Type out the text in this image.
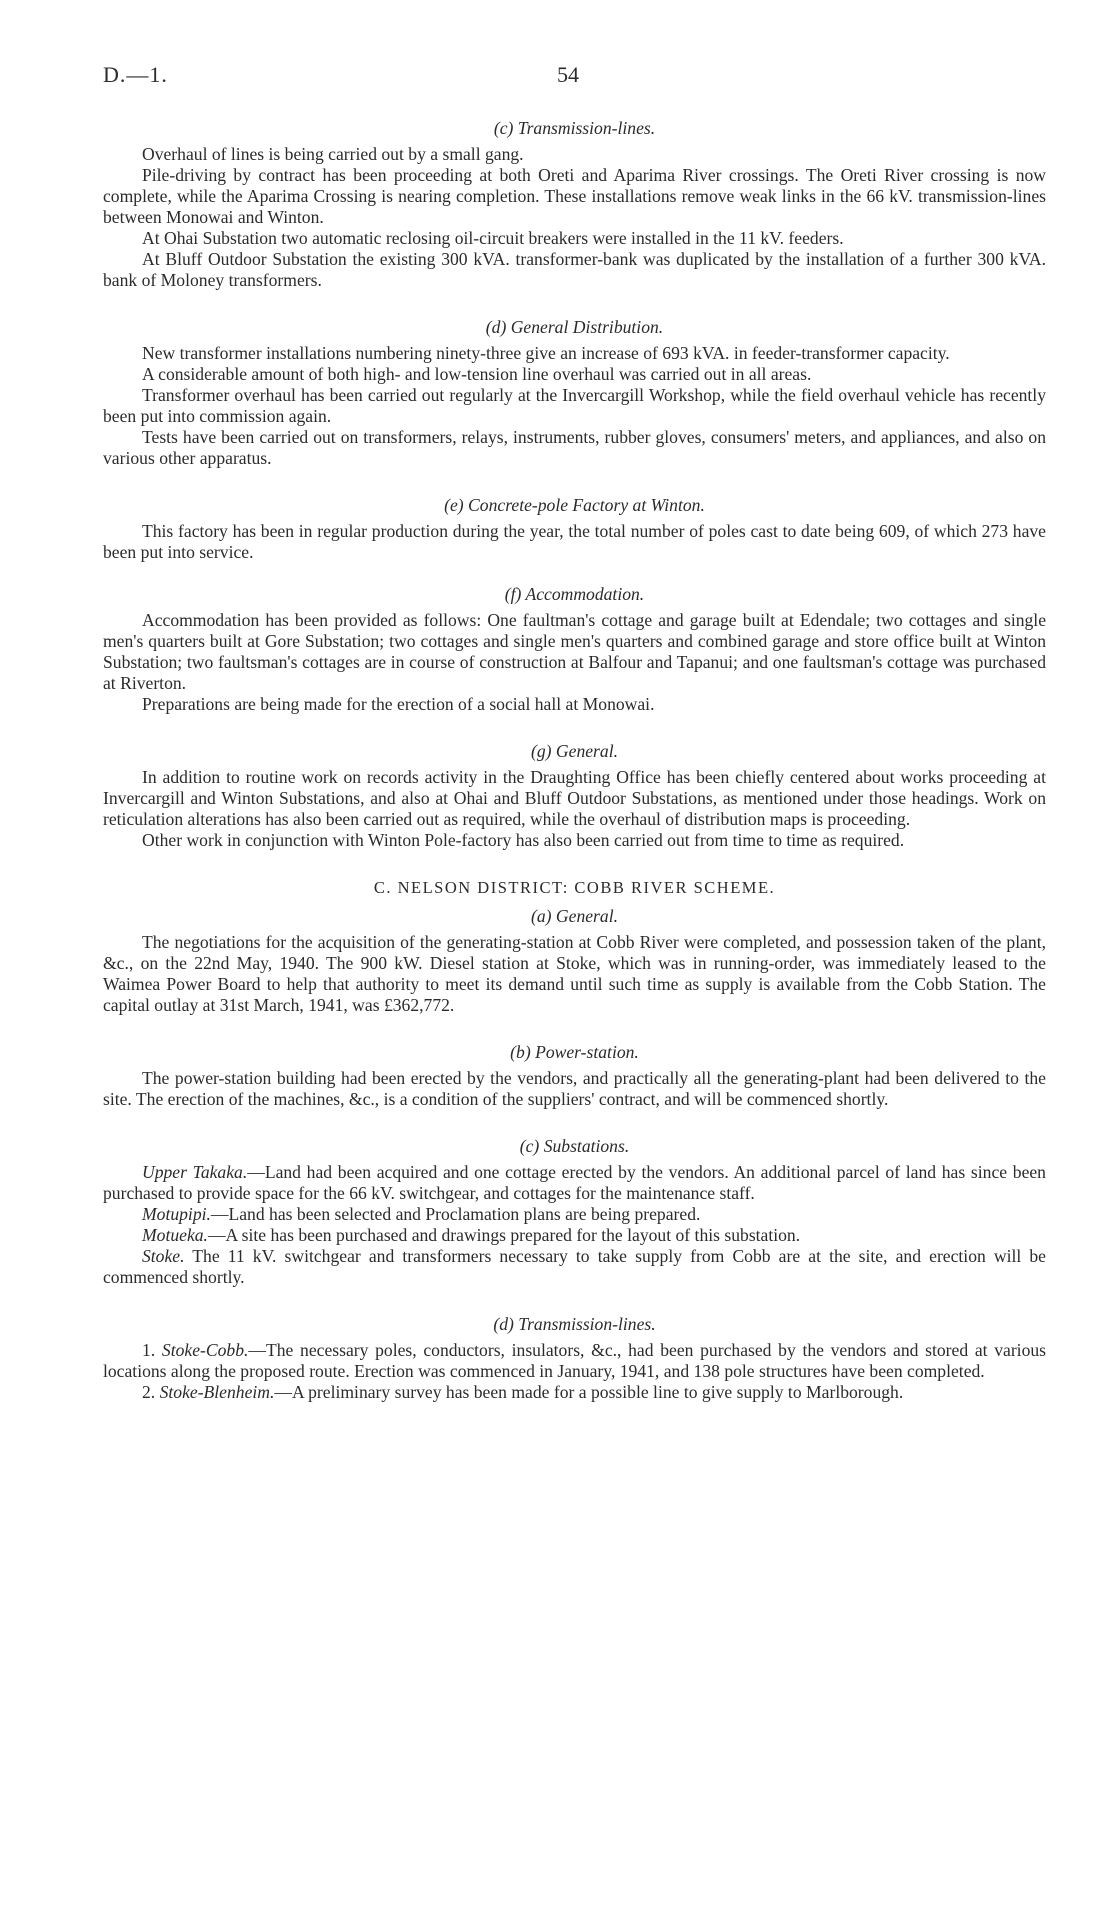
D.—1.	54
(c) Transmission-lines.

Overhaul of lines is being carried out by a small gang.

Pile-driving by contract has been proceeding at both Oreti and Aparima River crossings. The Oreti River crossing is now complete, while the Aparima Crossing is nearing completion. These installations remove weak links in the 66 kV. transmission-lines between Monowai and Winton.

At Ohai Substation two automatic reclosing oil-circuit breakers were installed in the 11 kV. feeders.

At Bluff Outdoor Substation the existing 300 kVA. transformer-bank was duplicated by the installation of a further 300 kVA. bank of Moloney transformers.

(d) General Distribution.

New transformer installations numbering ninety-three give an increase of 693 kVA. in feeder-transformer capacity.

A considerable amount of both high- and low-tension line overhaul was carried out in all areas.

Transformer overhaul has been carried out regularly at the Invercargill Workshop, while the field overhaul vehicle has recently been put into commission again.

Tests have been carried out on transformers, relays, instruments, rubber gloves, consumers' meters, and appliances, and also on various other apparatus.

(e) Concrete-pole Factory at Winton.

This factory has been in regular production during the year, the total number of poles cast to date being 609, of which 273 have been put into service.

(f) Accommodation.

Accommodation has been provided as follows: One faultman's cottage and garage built at Edendale; two cottages and single men's quarters built at Gore Substation; two cottages and single men's quarters and combined garage and store office built at Winton Substation; two faultsman's cottages are in course of construction at Balfour and Tapanui; and one faultsman's cottage was purchased at Riverton.

Preparations are being made for the erection of a social hall at Monowai.

(g) General.

In addition to routine work on records activity in the Draughting Office has been chiefly centered about works proceeding at Invercargill and Winton Substations, and also at Ohai and Bluff Outdoor Substations, as mentioned under those headings. Work on reticulation alterations has also been carried out as required, while the overhaul of distribution maps is proceeding.

Other work in conjunction with Winton Pole-factory has also been carried out from time to time as required.

C. NELSON DISTRICT: COBB RIVER SCHEME.
(a) General.

The negotiations for the acquisition of the generating-station at Cobb River were completed, and possession taken of the plant, &c., on the 22nd May, 1940. The 900 kW. Diesel station at Stoke, which was in running-order, was immediately leased to the Waimea Power Board to help that authority to meet its demand until such time as supply is available from the Cobb Station. The capital outlay at 31st March, 1941, was £362,772.

(b) Power-station.

The power-station building had been erected by the vendors, and practically all the generating-plant had been delivered to the site. The erection of the machines, &c., is a condition of the suppliers' contract, and will be commenced shortly.

(c) Substations.

Upper Takaka.—Land had been acquired and one cottage erected by the vendors. An additional parcel of land has since been purchased to provide space for the 66 kV. switchgear, and cottages for the maintenance staff.

Motupipi.—Land has been selected and Proclamation plans are being prepared.

Motueka.—A site has been purchased and drawings prepared for the layout of this substation.

Stoke. The 11 kV. switchgear and transformers necessary to take supply from Cobb are at the site, and erection will be commenced shortly.

(d) Transmission-lines.

1. Stoke-Cobb.—The necessary poles, conductors, insulators, &c., had been purchased by the vendors and stored at various locations along the proposed route. Erection was commenced in January, 1941, and 138 pole structures have been completed.

2. Stoke-Blenheim.—A preliminary survey has been made for a possible line to give supply to Marlborough.
